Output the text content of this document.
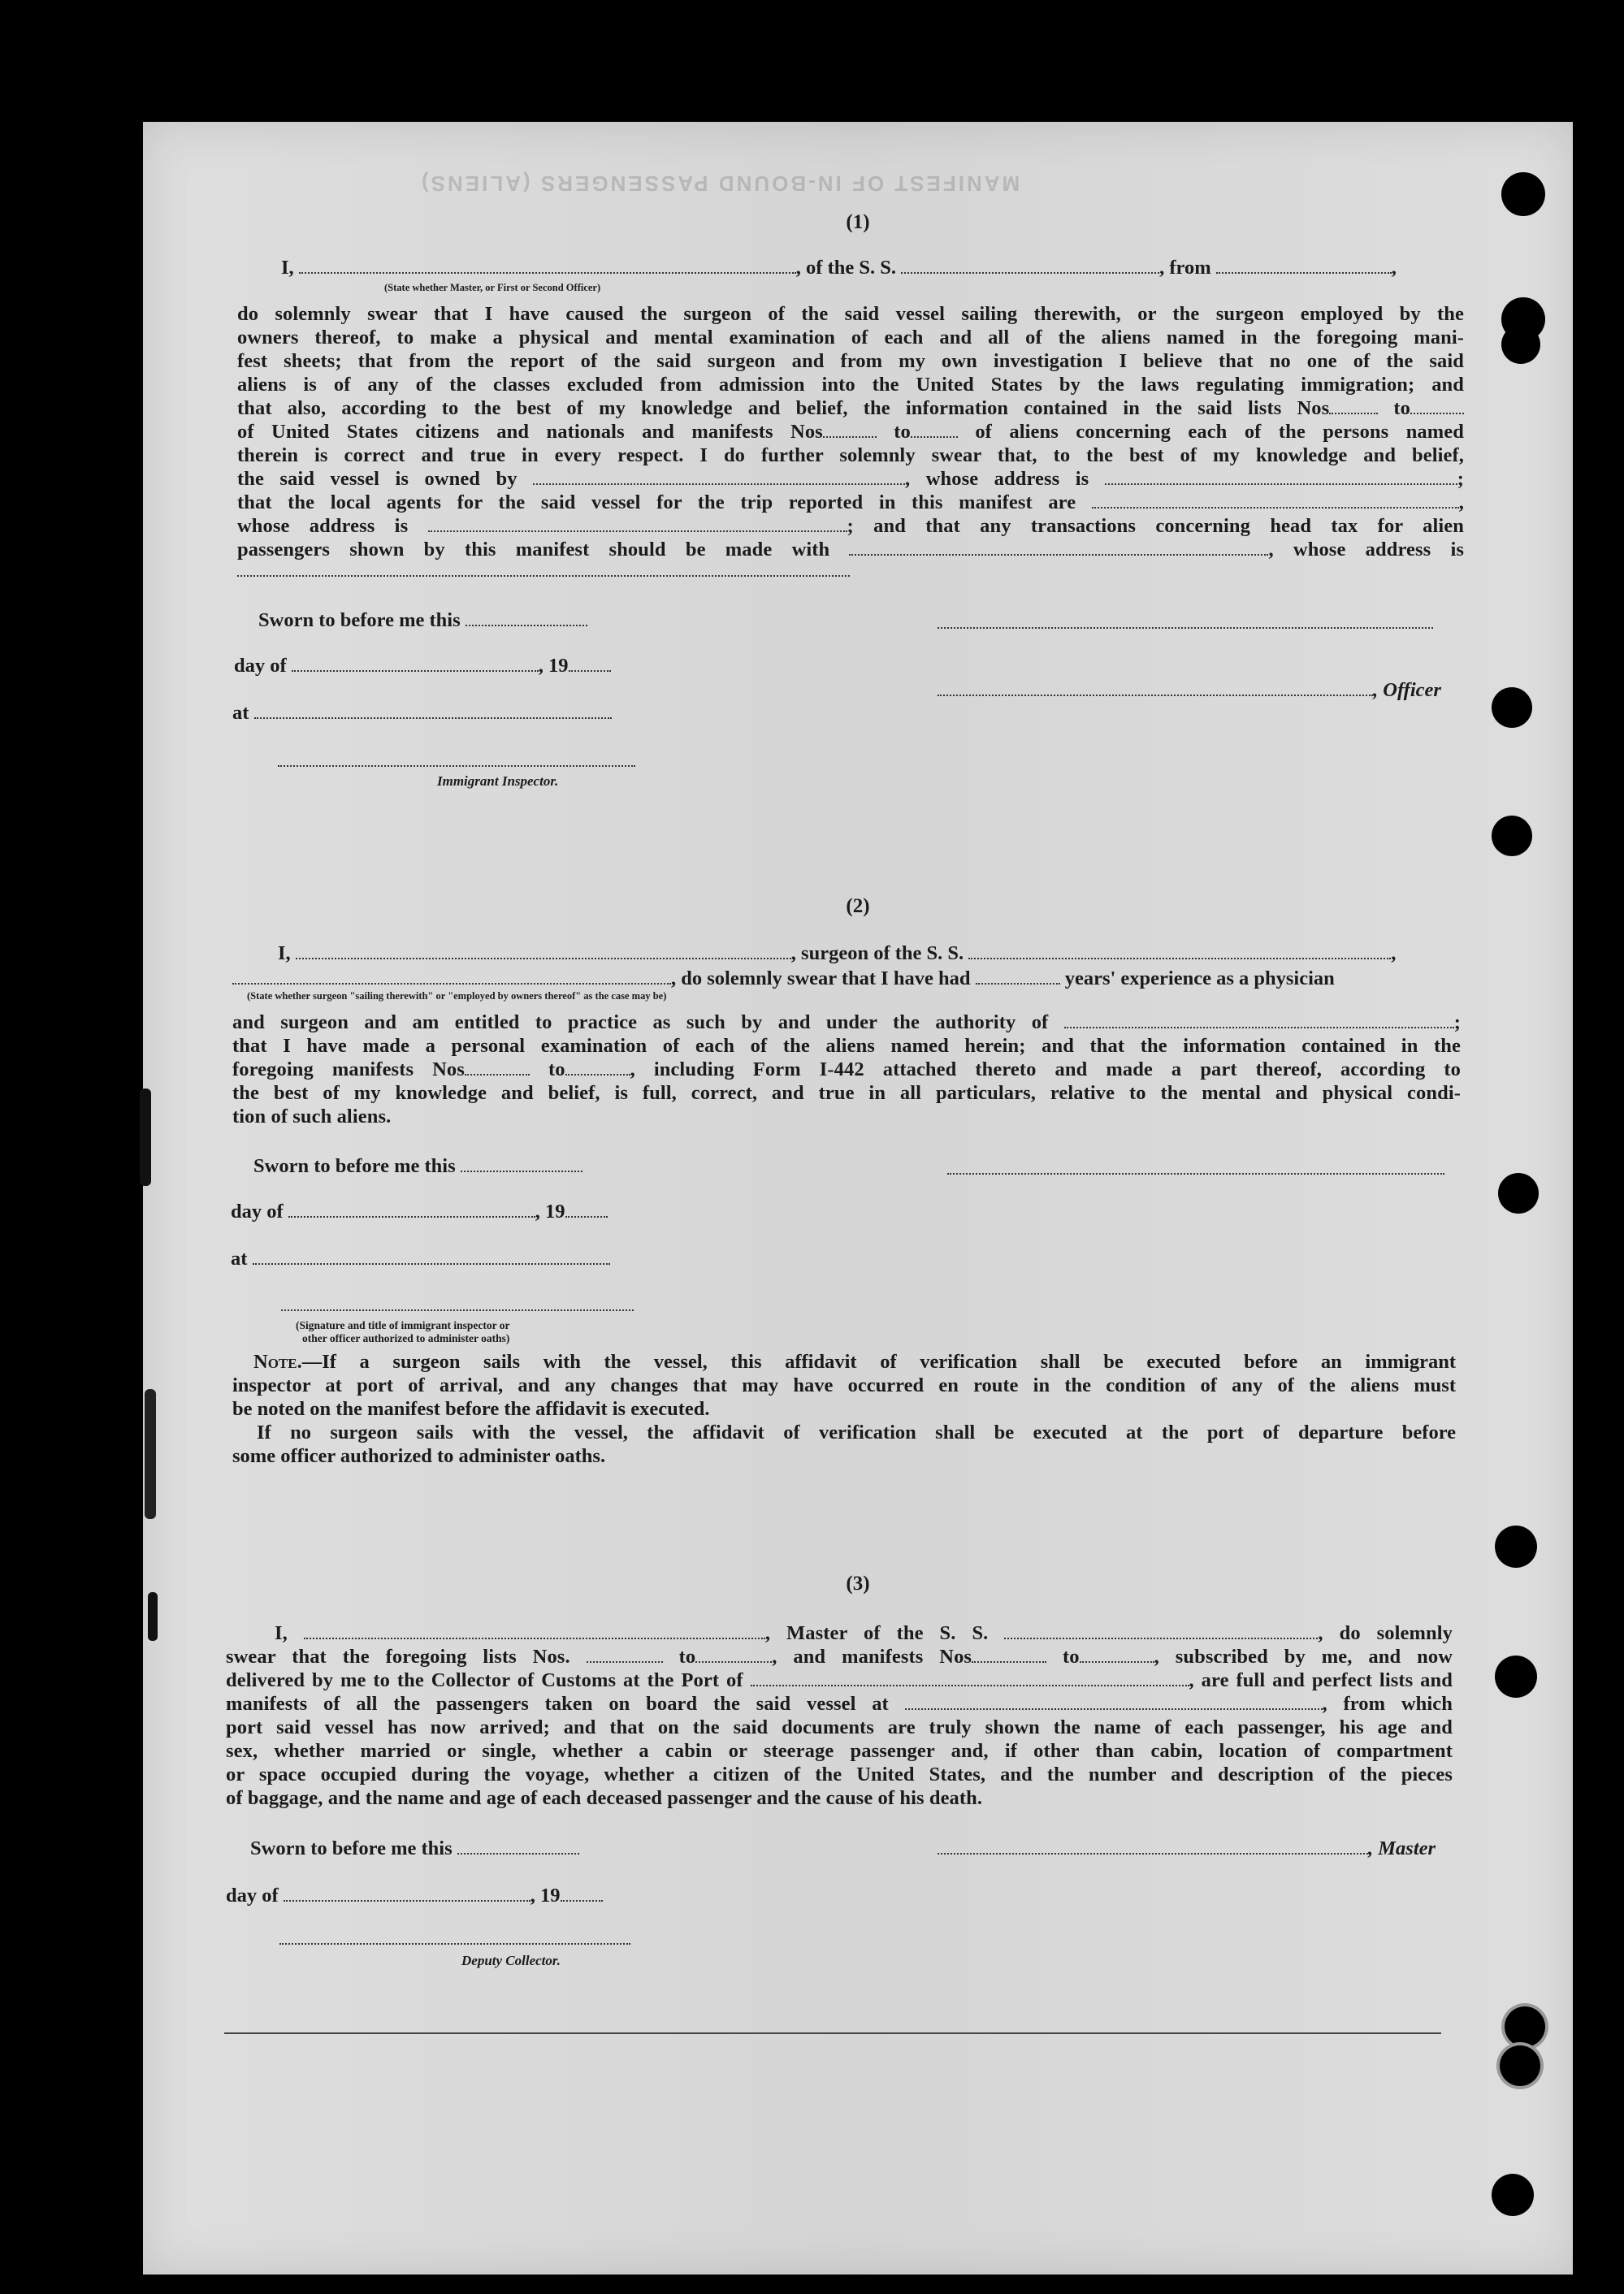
MANIFEST OF IN-BOUND PASSENGERS (ALIENS)
(1)
I,	, of the S. S.	, from	,
(State whether Master, or First or Second Officer)

do solemnly swear that I have caused the surgeon of the said vessel sailing therewith, or the surgeon employed by the

owners thereof, to make a physical and mental examination of each and all of the aliens named in the foregoing mani-

fest sheets; that from the report of the said surgeon and from my own investigation I believe that no one of the said

aliens is of any of the classes excluded from admission into the United States by the laws regulating immigration; and

that also, according to the best of my knowledge and belief, the information contained in the said lists Nos	to

of United States citizens and nationals and manifests Nos	to	of aliens concerning each of the persons named

therein is correct and true in every respect. I do further solemnly swear that, to the best of my knowledge and belief,

the said vessel is owned by	, whose address is	;

that the local agents for the said vessel for the trip reported in this manifest are	,

whose address is	; and that any transactions concerning head tax for alien

passengers shown by this manifest should be made with	, whose address is

Sworn to before me this
day of	, 19
, Officer
at
Immigrant Inspector.
(2)
I,	, surgeon of the S. S.	,
, do solemnly swear that I have had	years' experience as a physician
(State whether surgeon "sailing therewith" or "employed by owners thereof" as the case may be)

and surgeon and am entitled to practice as such by and under the authority of	;

that I have made a personal examination of each of the aliens named herein; and that the information contained in the

foregoing manifests Nos	to	, including Form I-442 attached thereto and made a part thereof, according to

the best of my knowledge and belief, is full, correct, and true in all particulars, relative to the mental and physical condi-

tion of such aliens.

Sworn to before me this
day of	, 19
at
(Signature and title of immigrant inspector or
other officer authorized to administer oaths)

Note.—If a surgeon sails with the vessel, this affidavit of verification shall be executed before an immigrant

inspector at port of arrival, and any changes that may have occurred en route in the condition of any of the aliens must

be noted on the manifest before the affidavit is executed.

If no surgeon sails with the vessel, the affidavit of verification shall be executed at the port of departure before

some officer authorized to administer oaths.

(3)

I,	, Master of the S. S.	, do solemnly

swear that the foregoing lists Nos.	to	, and manifests Nos	to	, subscribed by me, and now

delivered by me to the Collector of Customs at the Port of	, are full and perfect lists and

manifests of all the passengers taken on board the said vessel at	, from which

port said vessel has now arrived; and that on the said documents are truly shown the name of each passenger, his age and

sex, whether married or single, whether a cabin or steerage passenger and, if other than cabin, location of compartment

or space occupied during the voyage, whether a citizen of the United States, and the number and description of the pieces

of baggage, and the name and age of each deceased passenger and the cause of his death.

Sworn to before me this	, Master
day of	, 19
Deputy Collector.
